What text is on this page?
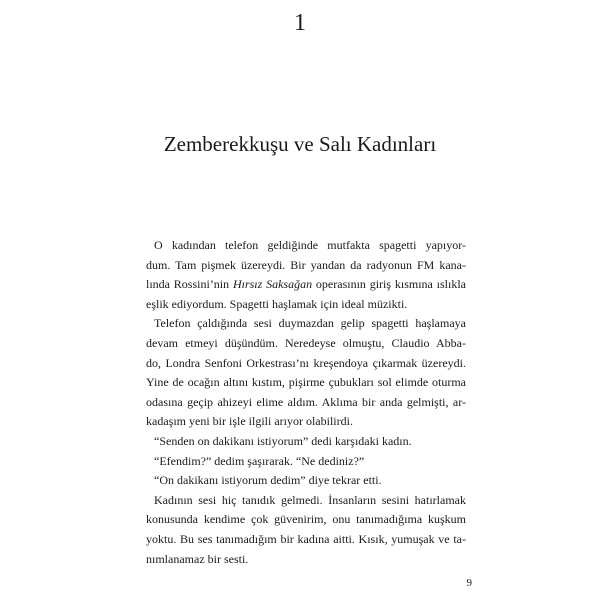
1
Zemberekkuşu ve Salı Kadınları

O kadından telefon geldiğinde mutfakta spagetti yapıyor-
dum. Tam pişmek üzereydi. Bir yandan da radyonun FM kana-
lında Rossini’nin Hırsız Saksağan operasının giriş kısmına ıslıkla
eşlik ediyordum. Spagetti haşlamak için ideal müzikti.

Telefon çaldığında sesi duymazdan gelip spagetti haşlamaya
devam etmeyi düşündüm. Neredeyse olmuştu, Claudio Abba-
do, Londra Senfoni Orkestrası’nı kreşendoya çıkarmak üzereydi.
Yine de ocağın altını kıstım, pişirme çubukları sol elimde oturma
odasına geçip ahizeyi elime aldım. Aklıma bir anda gelmişti, ar-
kadaşım yeni bir işle ilgili arıyor olabilirdi.

“Senden on dakikanı istiyorum” dedi karşıdaki kadın.

“Efendim?” dedim şaşırarak. “Ne dediniz?”

“On dakikanı istiyorum dedim” diye tekrar etti.

Kadının sesi hiç tanıdık gelmedi. İnsanların sesini hatırlamak
konusunda kendime çok güvenirim, onu tanımadığıma kuşkum
yoktu. Bu ses tanımadığım bir kadına aitti. Kısık, yumuşak ve ta-
nımlanamaz bir sesti.

9
